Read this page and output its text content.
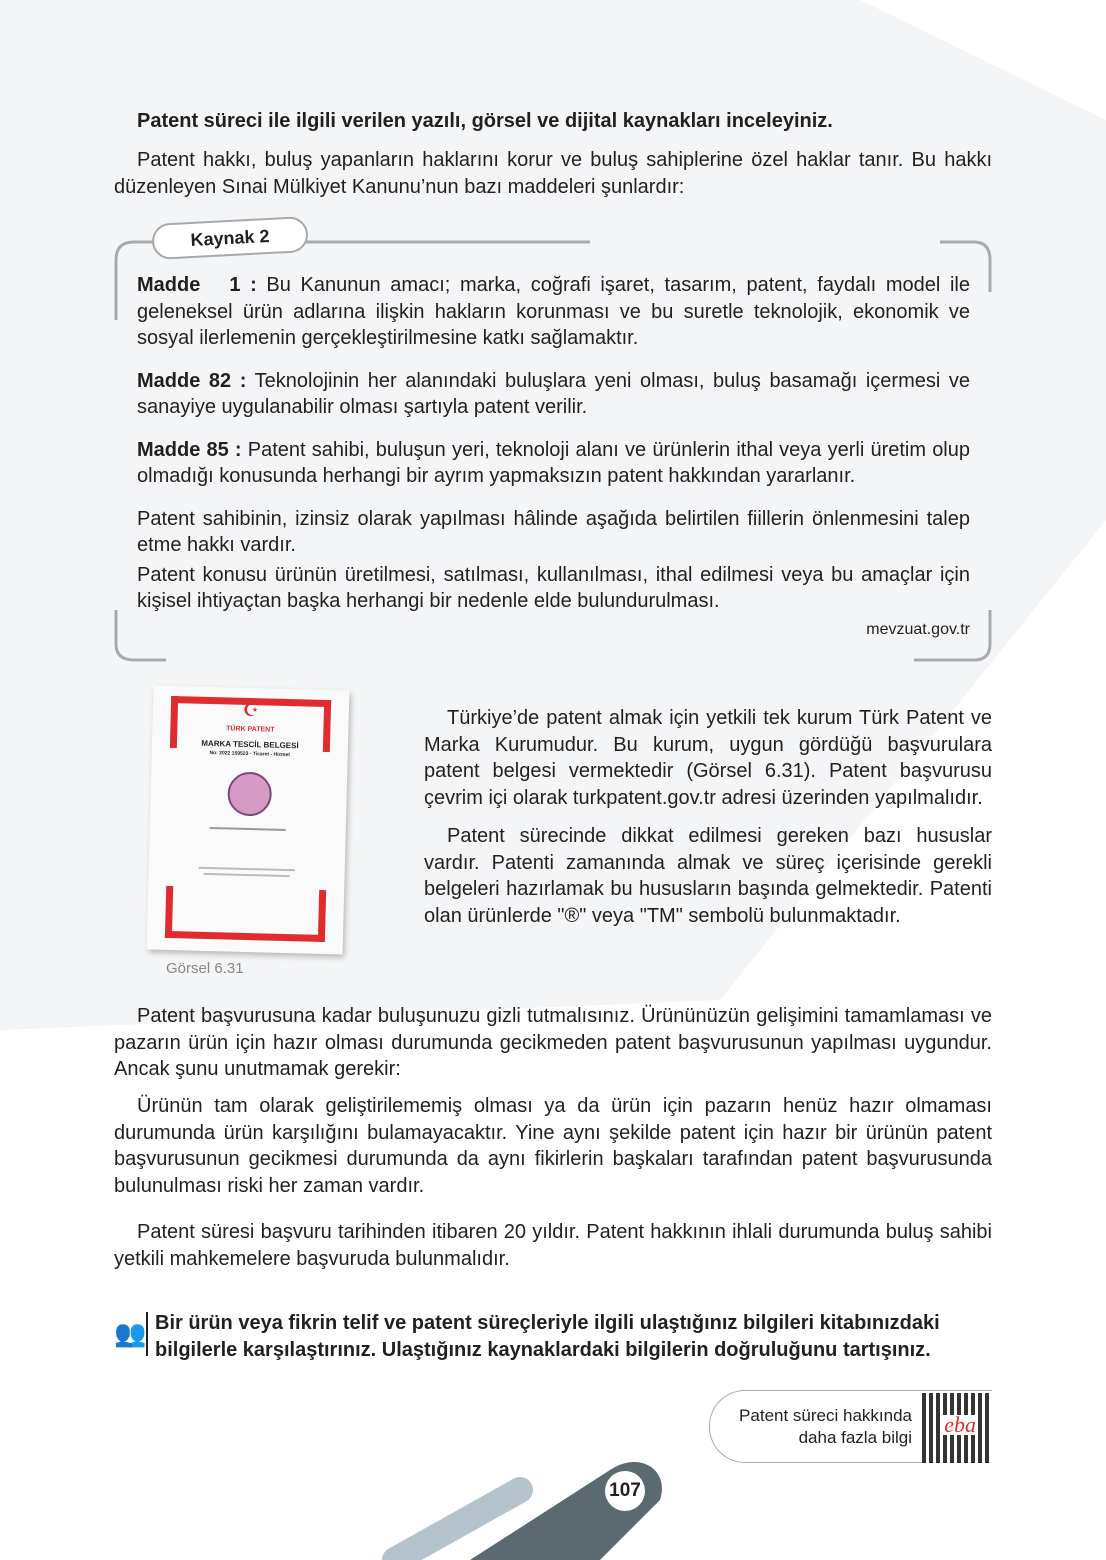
Patent süreci ile ilgili verilen yazılı, görsel ve dijital kaynakları inceleyiniz.
Patent hakkı, buluş yapanların haklarını korur ve buluş sahiplerine özel haklar tanır. Bu hakkı düzenleyen Sınai Mülkiyet Kanunu’nun bazı maddeleri şunlardır:
Kaynak 2
Madde   1 : Bu Kanunun amacı; marka, coğrafi işaret, tasarım, patent, faydalı model ile geleneksel ürün adlarına ilişkin hakların korunması ve bu suretle teknolojik, ekonomik ve sosyal ilerlemenin gerçekleştirilmesine katkı sağlamaktır.
Madde 82 : Teknolojinin her alanındaki buluşlara yeni olması, buluş basamağı içermesi ve sanayiye uygulanabilir olması şartıyla patent verilir.
Madde 85 : Patent sahibi, buluşun yeri, teknoloji alanı ve ürünlerin ithal veya yerli üretim olup olmadığı konusunda herhangi bir ayrım yapmaksızın patent hakkından yararlanır.
Patent sahibinin, izinsiz olarak yapılması hâlinde aşağıda belirtilen fiillerin önlenmesini talep etme hakkı vardır.
Patent konusu ürünün üretilmesi, satılması, kullanılması, ithal edilmesi veya bu amaçlar için kişisel ihtiyaçtan başka herhangi bir nedenle elde bulundurulması.
mevzuat.gov.tr
☪
TÜRK PATENT
MARKA TESCİL BELGESİ
No: 2022 159523 - Ticaret - Hizmet
Görsel 6.31
Türkiye’de patent almak için yetkili tek kurum Türk Patent ve Marka Kurumudur. Bu kurum, uygun gördüğü başvurulara patent belgesi vermektedir (Görsel 6.31). Patent başvurusu çevrim içi olarak turkpatent.gov.tr adresi üzerinden yapılmalıdır.
Patent sürecinde dikkat edilmesi gereken bazı hususlar vardır. Patenti zamanında almak ve süreç içerisinde gerekli belgeleri hazırlamak bu hususların başında gelmektedir. Patenti olan ürünlerde "®" veya "TM" sembolü bulunmaktadır.
Patent başvurusuna kadar buluşunuzu gizli tutmalısınız. Ürününüzün gelişimini tamamlaması ve pazarın ürün için hazır olması durumunda gecikmeden patent başvurusunun yapılması uygundur. Ancak şunu unutmamak gerekir:
Ürünün tam olarak geliştirilememiş olması ya da ürün için pazarın henüz hazır olmaması durumunda ürün karşılığını bulamayacaktır. Yine aynı şekilde patent için hazır bir ürünün patent başvurusunun gecikmesi durumunda da aynı fikirlerin başkaları tarafından patent başvurusunda bulunulması riski her zaman vardır.
Patent süresi başvuru tarihinden itibaren 20 yıldır. Patent hakkının ihlali durumunda buluş sahibi yetkili mahkemelere başvuruda bulunmalıdır.
👥 Bir ürün veya fikrin telif ve patent süreçleriyle ilgili ulaştığınız bilgileri kitabınızdaki bilgilerle karşılaştırınız. Ulaştığınız kaynaklardaki bilgilerin doğruluğunu tartışınız.
Patent süreci hakkında
daha fazla bilgi
eba
107
